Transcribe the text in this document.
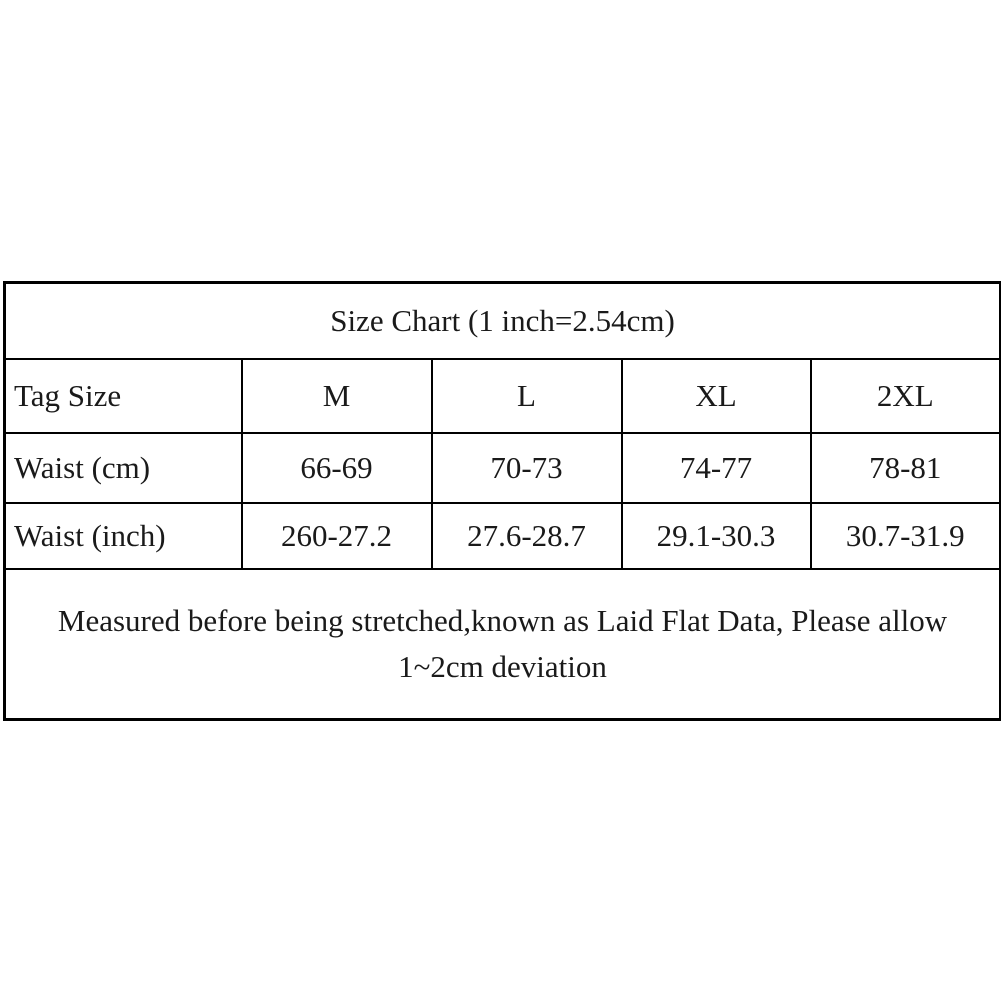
Size Chart (1 inch=2.54cm)				
Tag Size	M	L	XL	2XL
Waist (cm)	66-69	70-73	74-77	78-81
Waist (inch)	260-27.2	27.6-28.7	29.1-30.3	30.7-31.9
Measured before being stretched,known as Laid Flat Data, Please allow 1~2cm deviation				
